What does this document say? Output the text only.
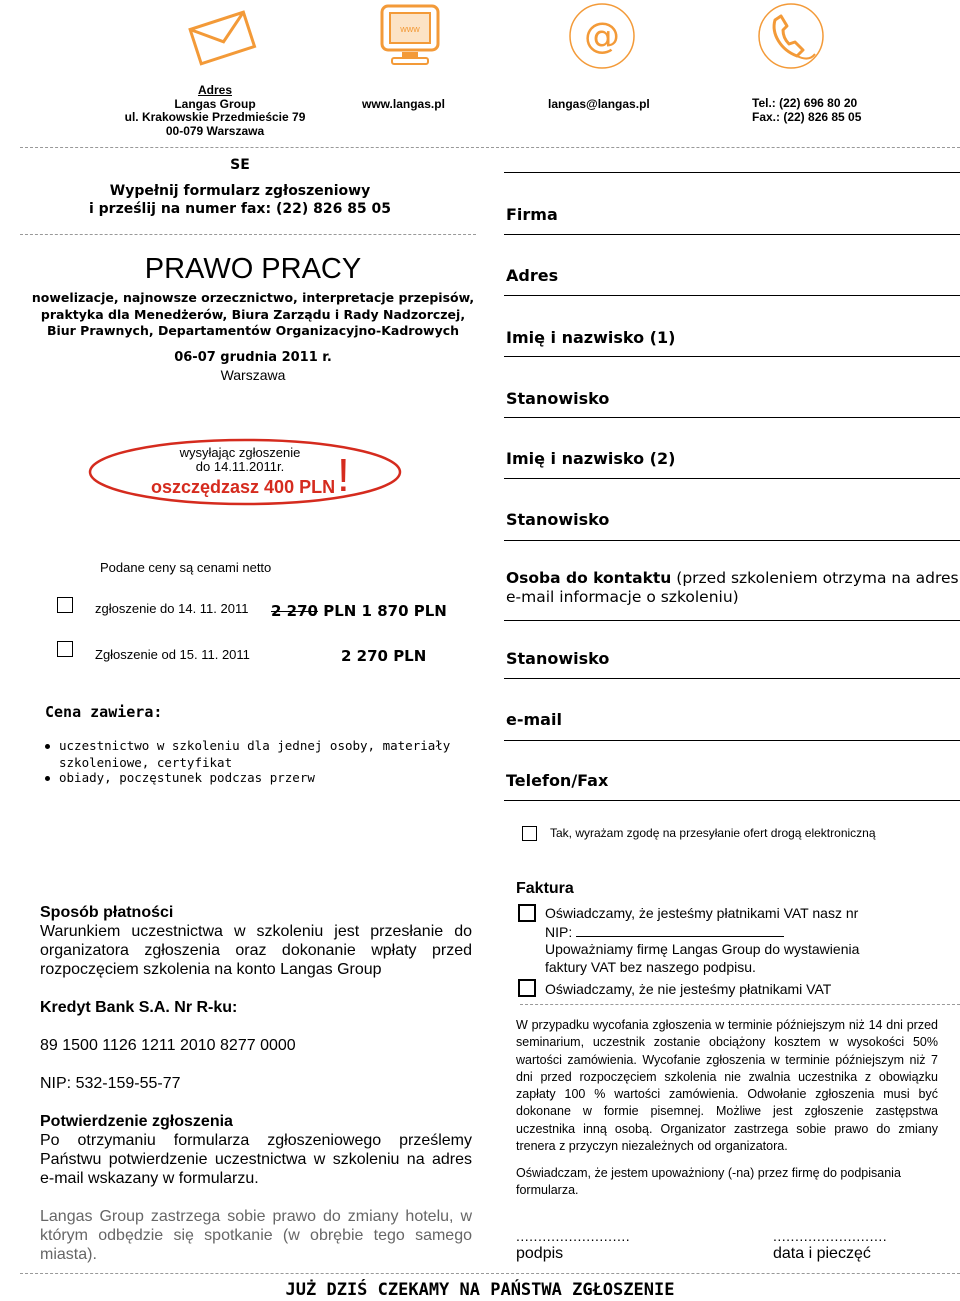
www	@
Adres
Langas Group
ul. Krakowskie Przedmieście 79
00-079 Warszawa
www.langas.pl	langas@langas.pl	Tel.: (22) 696 80 20
Fax.: (22) 826 85 05
SE
Wypełnij formularz zgłoszeniowy
i prześlij na numer fax: (22) 826 85 05
PRAWO PRACY
nowelizacje, najnowsze orzecznictwo, interpretacje przepisów,
praktyka dla Menedżerów, Biura Zarządu i Rady Nadzorczej,
Biur Prawnych, Departamentów Organizacyjno-Kadrowych
06-07 grudnia 2011 r.
Warszawa
wysyłając zgłoszenie
do 14.11.2011r.
oszczędzasz 400 PLN !
Podane ceny są cenami netto
zgłoszenie do 14. 11. 2011 2 270 PLN 1 870 PLN
Zgłoszenie od 15. 11. 2011	2 270 PLN
Cena zawiera:
uczestnictwo w szkoleniu dla jednej osoby, materiały
szkoleniowe, certyfikat
obiady, poczęstunek podczas przerw
Firma
Adres
Imię i nazwisko (1)
Stanowisko
Imię i nazwisko (2)
Stanowisko
Osoba do kontaktu (przed szkoleniem otrzyma na adres
e-mail informacje o szkoleniu)
Stanowisko
e-mail
Telefon/Fax
Tak, wyrażam zgodę na przesyłanie ofert drogą elektroniczną
Sposób płatności
Warunkiem uczestnictwa w szkoleniu jest przesłanie do organizatora zgłoszenia oraz dokonanie wpłaty przed rozpoczęciem szkolenia na konto Langas Group
Kredyt Bank S.A. Nr R-ku:
89 1500 1126 1211 2010 8277 0000
NIP: 532-159-55-77
Potwierdzenie zgłoszenia
Po otrzymaniu formularza zgłoszeniowego prześlemy Państwu potwierdzenie uczestnictwa w szkoleniu na adres e-mail wskazany w formularzu.
Langas Group zastrzega sobie prawo do zmiany hotelu, w którym odbędzie się spotkanie (w obrębie tego samego miasta).
Faktura
Oświadczamy, że jesteśmy płatnikami VAT nasz nr
NIP:
Upoważniamy firmę Langas Group do wystawienia
faktury VAT bez naszego podpisu.
Oświadczamy, że nie jesteśmy płatnikami VAT
W przypadku wycofania zgłoszenia w terminie późniejszym niż 14 dni przed seminarium, uczestnik zostanie obciążony kosztem w wysokości 50% wartości zamówienia. Wycofanie zgłoszenia w terminie późniejszym niż 7 dni przed rozpoczęciem szkolenia nie zwalnia uczestnika z obowiązku zapłaty 100 % wartości zamówienia. Odwołanie zgłoszenia musi być dokonane w formie pisemnej. Możliwe jest zgłoszenie zastępstwa uczestnika inną osobą. Organizator zastrzega sobie prawo do zmiany trenera z przyczyn niezależnych od organizatora.
Oświadczam, że jestem upoważniony (-na) przez firmę do podpisania formularza.
..........................	..........................
podpis	data i pieczęć
JUŻ DZIŚ CZEKAMY NA PAŃSTWA ZGŁOSZENIE
